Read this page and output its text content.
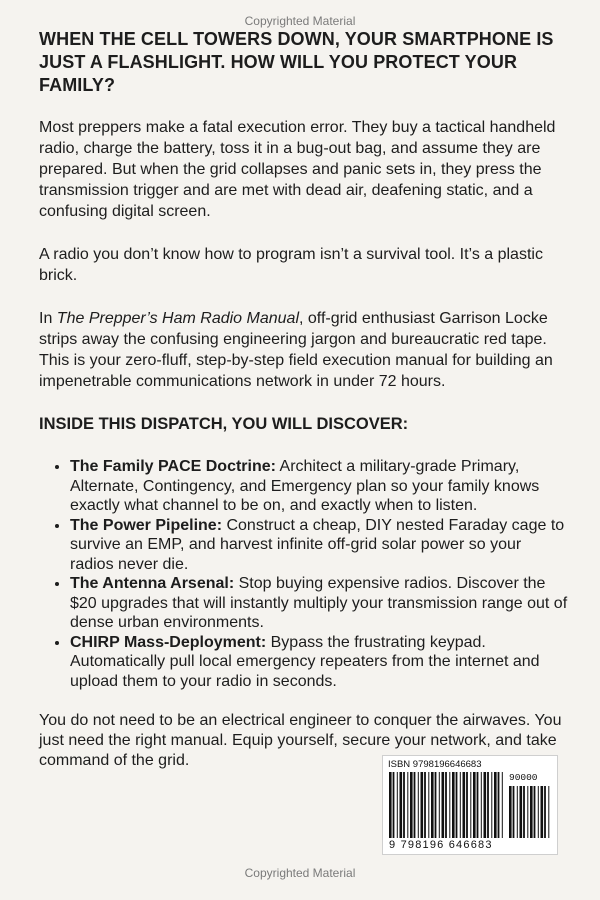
Copyrighted Material
WHEN THE CELL TOWERS DOWN, YOUR SMARTPHONE IS JUST A FLASHLIGHT. HOW WILL YOU PROTECT YOUR FAMILY?

Most preppers make a fatal execution error. They buy a tactical handheld radio, charge the battery, toss it in a bug-out bag, and assume they are prepared. But when the grid collapses and panic sets in, they press the transmission trigger and are met with dead air, deafening static, and a confusing digital screen.

A radio you don’t know how to program isn’t a survival tool. It’s a plastic brick.

In The Prepper’s Ham Radio Manual, off-grid enthusiast Garrison Locke strips away the confusing engineering jargon and bureaucratic red tape. This is your zero-fluff, step-by-step field execution manual for building an impenetrable communications network in under 72 hours.

INSIDE THIS DISPATCH, YOU WILL DISCOVER:
• The Family PACE Doctrine: Architect a military-grade Primary, Alternate, Contingency, and Emergency plan so your family knows exactly what channel to be on, and exactly when to listen.
• The Power Pipeline: Construct a cheap, DIY nested Faraday cage to survive an EMP, and harvest infinite off-grid solar power so your radios never die.
• The Antenna Arsenal: Stop buying expensive radios. Discover the $20 upgrades that will instantly multiply your transmission range out of dense urban environments.
• CHIRP Mass-Deployment: Bypass the frustrating keypad. Automatically pull local emergency repeaters from the internet and upload them to your radio in seconds.

You do not need to be an electrical engineer to conquer the airwaves. You just need the right manual. Equip yourself, secure your network, and take command of the grid.	ISBN 9798196646683
90000
9 798196 646683
Copyrighted Material
